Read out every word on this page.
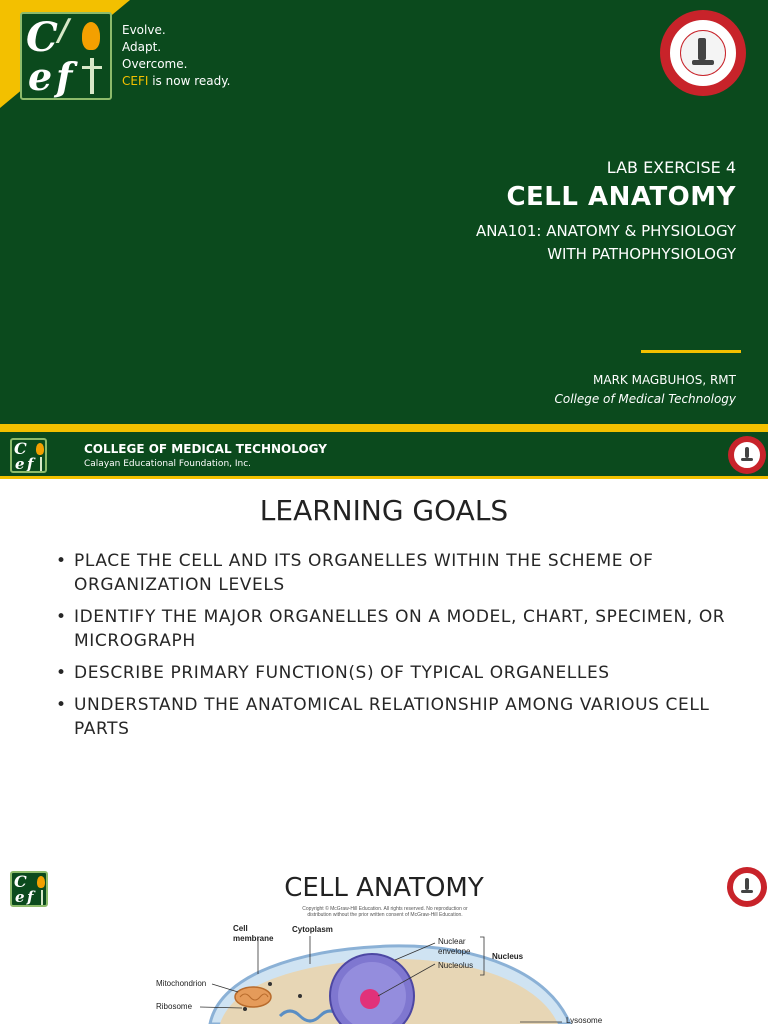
C /
e f
Evolve.
Adapt.
Overcome.
CEFI is now ready.
LAB EXERCISE 4
CELL ANATOMY
ANA101: ANATOMY & PHYSIOLOGY
WITH PATHOPHYSIOLOGY
MARK MAGBUHOS, RMT
College of Medical Technology
C
e f
COLLEGE OF MEDICAL TECHNOLOGY
Calayan Educational Foundation, Inc.
LEARNING GOALS
• PLACE THE CELL AND ITS ORGANELLES WITHIN THE SCHEME OF ORGANIZATION LEVELS
• IDENTIFY THE MAJOR ORGANELLES ON A MODEL, CHART, SPECIMEN, OR MICROGRAPH
• DESCRIBE PRIMARY FUNCTION(S) OF TYPICAL ORGANELLES
• UNDERSTAND THE ANATOMICAL RELATIONSHIP AMONG VARIOUS CELL PARTS
C
e f	CELL ANATOMY
Copyright © McGraw-Hill Education. All rights reserved. No reproduction or distribution without the prior written consent of McGraw-Hill Education.
Cell
membrane
Cytoplasm
Nuclear
envelope
Nucleolus
Nucleus
Mitochondrion
Ribosome
Lysosome
